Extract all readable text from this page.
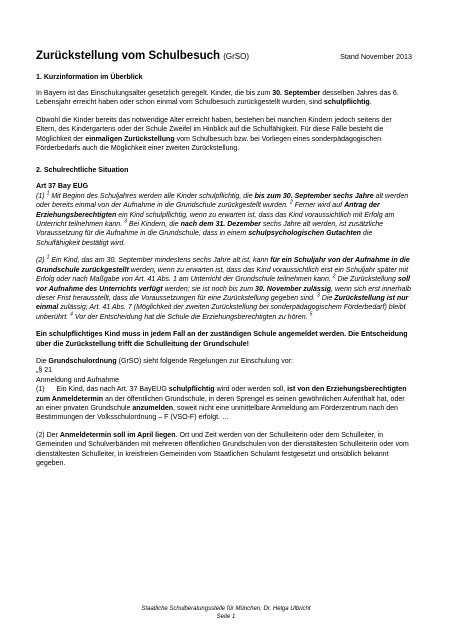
Zurückstellung vom Schulbesuch (GrSO)	Stand November 2013
1. Kurzinformation im Überblick

In Bayern ist das Einschulungsalter gesetzlich geregelt. Kinder, die bis zum 30. September desselben Jahres das 6. Lebensjahr erreicht haben oder schon einmal vom Schulbesuch zurückgestellt wurden, sind schulpflichtig.

Obwohl die Kinder bereits das notwendige Alter erreicht haben, bestehen bei manchen Kindern jedoch seitens der Eltern, des Kindergartens oder der Schule Zweifel im Hinblick auf die Schulfähigkeit. Für diese Fälle besteht die Möglichkeit der einmaligen Zurückstellung vom Schulbesuch bzw. bei Vorliegen eines sonderpädagogischen Förderbedarfs auch die Möglichkeit einer zweiten Zurückstellung.

2. Schulrechtliche Situation

Art 37 Bay EUG

(1) $^1$ Mit Beginn des Schuljahres werden alle Kinder schulpflichtig, die bis zum 30. September sechs Jahre alt werden oder bereits einmal von der Aufnahme in die Grundschule zurückgestellt wurden. $^2$ Ferner wird auf Antrag der Erziehungsberechtigten ein Kind schulpflichtig, wenn zu erwarten ist, dass das Kind voraussichtlich mit Erfolg am Unterricht teilnehmen kann. $^3$ Bei Kindern, die nach dem 31. Dezember sechs Jahre alt werden, ist zusätzliche Voraussetzung für die Aufnahme in die Grundschule, dass in einem schulpsychologischen Gutachten die Schulfähigkeit bestätigt wird.

(2) $^1$ Ein Kind, das am 30. September mindestens sechs Jahre alt ist, kann für ein Schuljahr von der Aufnahme in die Grundschule zurückgestellt werden, wenn zu erwarten ist, dass das Kind voraussichtlich erst ein Schuljahr später mit Erfolg oder nach Maßgabe von Art. 41 Abs. 1 am Unterricht der Grundschule teilnehmen kann. $^2$ Die Zurückstellung soll vor Aufnahme des Unterrichts verfügt werden; sie ist noch bis zum 30. November zulässig, wenn sich erst innerhalb dieser Frist herausstellt, dass die Voraussetzungen für eine Zurückstellung gegeben sind. $^3$ Die Zurückstellung ist nur einmal zulässig; Art. 41 Abs. 7 (Möglichkeit der zweiten Zurückstellung bei sonderpädagogischem Förderbedarf) bleibt unberührt. $^4$ Vor der Entscheidung hat die Schule die Erziehungsberechtigten zu hören. $^5$

Ein schulpflichtiges Kind muss in jedem Fall an der zuständigen Schule angemeldet werden. Die Entscheidung über die Zurückstellung trifft die Schulleitung der Grundschule!

Die Grundschulordnung (GrSO) sieht folgende Regelungen zur Einschulung vor:

„§ 21

Anmeldung und Aufnahme

(1) Ein Kind, das nach Art. 37 BayEUG schulpflichtig wird oder werden soll, ist von den Erziehungsberechtigten zum Anmeldetermin an der öffentlichen Grundschule, in deren Sprengel es seinen gewöhnlichen Aufenthalt hat, oder an einer privaten Grundschule anzumelden, soweit nicht eine unmittelbare Anmeldung am Förderzentrum nach den Bestimmungen der Volksschulordnung – F (VSO-F) erfolgt. …

(2) Der Anmeldetermin soll im April liegen. Ort und Zeit werden von der Schulleiterin oder dem Schulleiter, in Gemeinden und Schulverbänden mit mehreren öffentlichen Grundschulen von der dienstältesten Schulleiterin oder vom dienstältesten Schulleiter, in kreisfreien Gemeinden vom Staatlichen Schulamt festgesetzt und ortsüblich bekannt gegeben.

Staatliche Schulberatungsstelle für München, Dr. Helga Ulbricht
Seite 1
